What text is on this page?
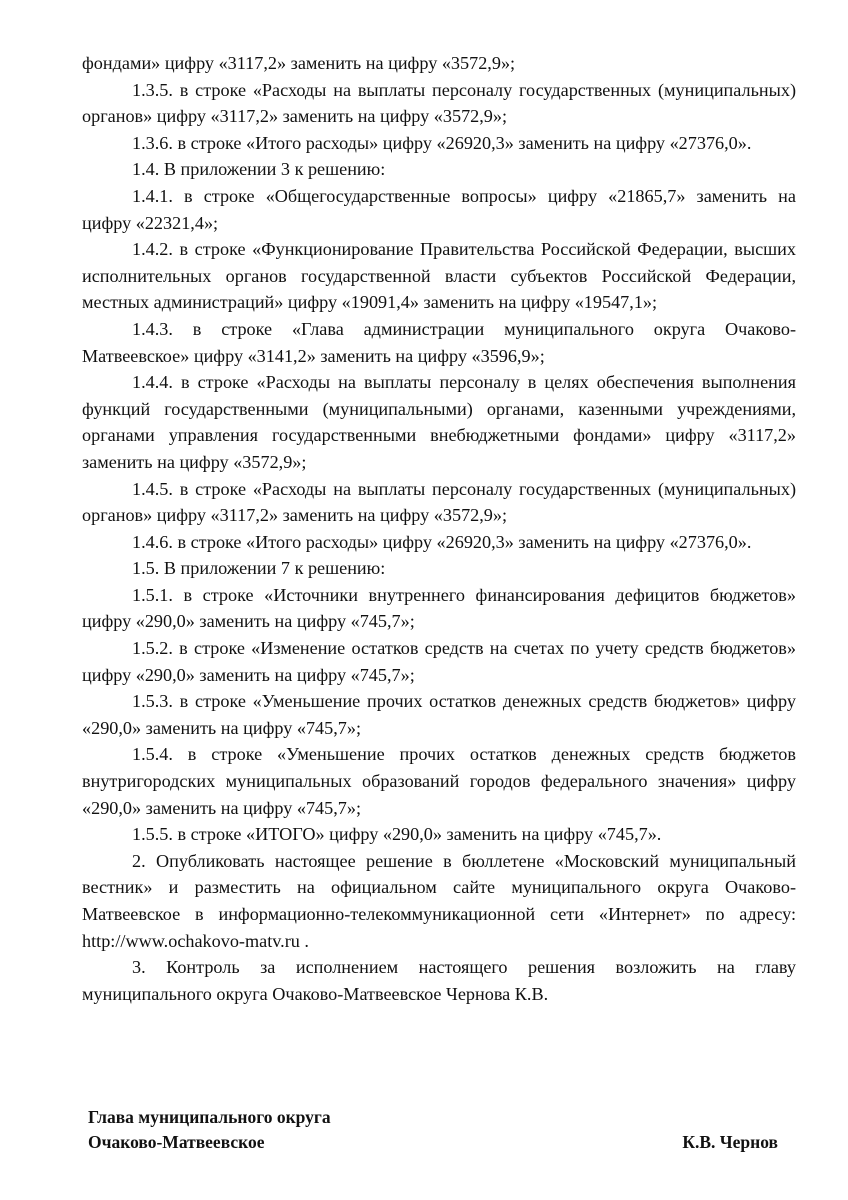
фондами» цифру «3117,2» заменить на цифру «3572,9»;

1.3.5. в строке «Расходы на выплаты персоналу государственных (муниципальных) органов» цифру «3117,2» заменить на цифру «3572,9»;

1.3.6. в строке «Итого расходы» цифру «26920,3» заменить на цифру «27376,0».

1.4. В приложении 3 к решению:

1.4.1. в строке «Общегосударственные вопросы» цифру «21865,7» заменить на цифру «22321,4»;

1.4.2. в строке «Функционирование Правительства Российской Федерации, высших исполнительных органов государственной власти субъектов Российской Федерации, местных администраций» цифру «19091,4» заменить на цифру «19547,1»;

1.4.3. в строке «Глава администрации муниципального округа Очаково-Матвеевское» цифру «3141,2» заменить на цифру «3596,9»;

1.4.4. в строке «Расходы на выплаты персоналу в целях обеспечения выполнения функций государственными (муниципальными) органами, казенными учреждениями, органами управления государственными внебюджетными фондами» цифру «3117,2» заменить на цифру «3572,9»;

1.4.5. в строке «Расходы на выплаты персоналу государственных (муниципальных) органов» цифру «3117,2» заменить на цифру «3572,9»;

1.4.6. в строке «Итого расходы» цифру «26920,3» заменить на цифру «27376,0».

1.5. В приложении 7 к решению:

1.5.1. в строке «Источники внутреннего финансирования дефицитов бюджетов» цифру «290,0» заменить на цифру «745,7»;

1.5.2. в строке «Изменение остатков средств на счетах по учету средств бюджетов» цифру «290,0» заменить на цифру «745,7»;

1.5.3. в строке «Уменьшение прочих остатков денежных средств бюджетов» цифру «290,0» заменить на цифру «745,7»;

1.5.4. в строке «Уменьшение прочих остатков денежных средств бюджетов внутригородских муниципальных образований городов федерального значения» цифру «290,0» заменить на цифру «745,7»;

1.5.5. в строке «ИТОГО» цифру «290,0» заменить на цифру «745,7».

2. Опубликовать настоящее решение в бюллетене «Московский муниципальный вестник» и разместить на официальном сайте муниципального округа Очаково-Матвеевское в информационно-телекоммуникационной сети «Интернет» по адресу: http://www.ochakovo-matv.ru .

3. Контроль за исполнением настоящего решения возложить на главу муниципального округа Очаково-Матвеевское Чернова К.В.

Глава муниципального округа
Очаково-Матвеевское	К.В. Чернов
